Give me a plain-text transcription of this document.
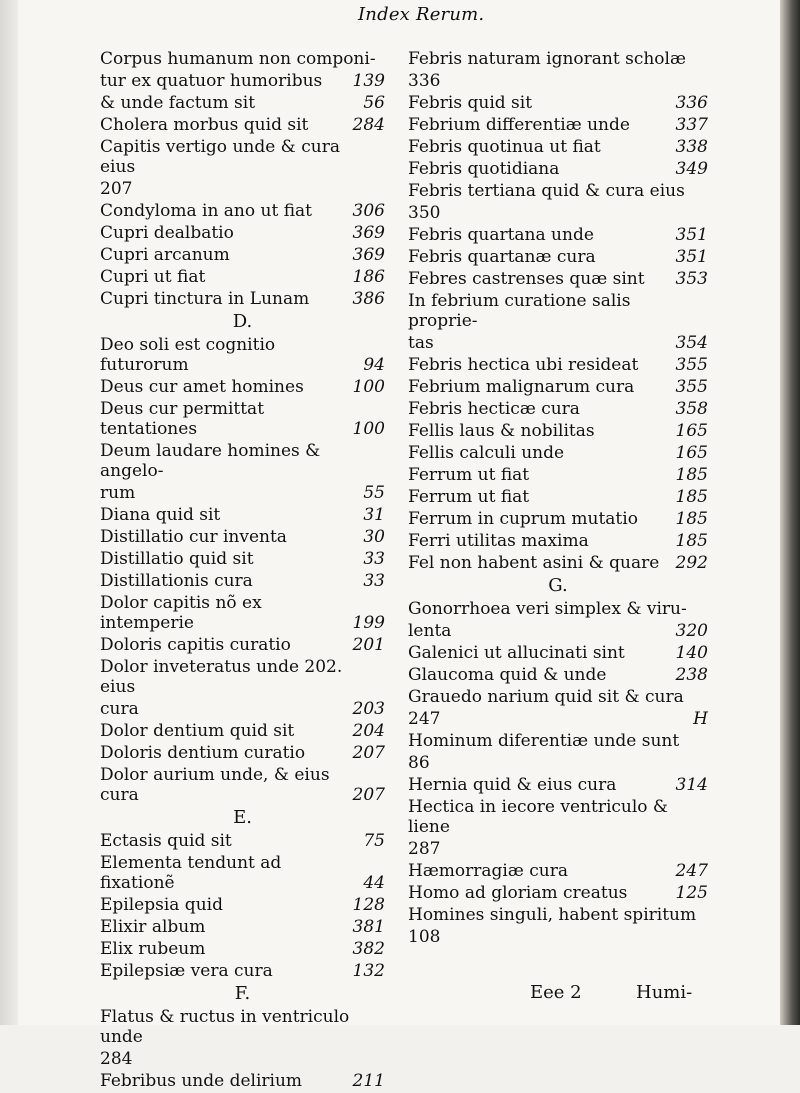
Index Rerum.
Corpus humanum non componi-
tur ex quatuor humoribus	139
& unde factum sit	56
Cholera morbus quid sit	284
Capitis vertigo unde & cura eius
207
Condyloma in ano ut fiat	306
Cupri dealbatio	369
Cupri arcanum	369
Cupri ut fiat	186
Cupri tinctura in Lunam	386
D.
Deo soli est cognitio futurorum	94
Deus cur amet homines	100
Deus cur permittat tentationes	100
Deum laudare homines & angelo-
rum	55
Diana quid sit	31
Distillatio cur inventa	30
Distillatio quid sit	33
Distillationis cura	33
Dolor capitis nõ ex intemperie	199
Doloris capitis curatio	201
Dolor inveteratus unde 202. eius
cura	203
Dolor dentium quid sit	204
Doloris dentium curatio	207
Dolor aurium unde, & eius cura	207
E.
Ectasis quid sit	75
Elementa tendunt ad fixationẽ	44
Epilepsia quid	128
Elixir album	381
Elix rubeum	382
Epilepsiæ vera cura	132
F.
Flatus & ructus in ventriculo unde
284
Febribus unde delirium	211
Febris naturam ignorant scholæ
336
Febris quid sit	336
Febrium differentiæ unde	337
Febris quotinua ut fiat	338
Febris quotidiana	349
Febris tertiana quid & cura eius
350
Febris quartana unde	351
Febris quartanæ cura	351
Febres castrenses quæ sint	353
In febrium curatione salis proprie-
tas	354
Febris hectica ubi resideat	355
Febrium malignarum cura	355
Febris hecticæ cura	358
Fellis laus & nobilitas	165
Fellis calculi unde	165
Ferrum ut fiat	185
Ferrum ut fiat	185
Ferrum in cuprum mutatio	185
Ferri utilitas maxima	185
Fel non habent asini & quare 292
G.
Gonorrhoea veri simplex & viru-
lenta	320
Galenici ut allucinati sint	140
Glaucoma quid & unde	238
Grauedo narium quid sit & cura
247	H
Hominum diferentiæ unde sunt
86
Hernia quid & eius cura	314
Hectica in iecore ventriculo & liene
287
Hæmorragiæ cura	247
Homo ad gloriam creatus	125
Homines singuli, habent spiritum
108
Eee 2	Humi-
